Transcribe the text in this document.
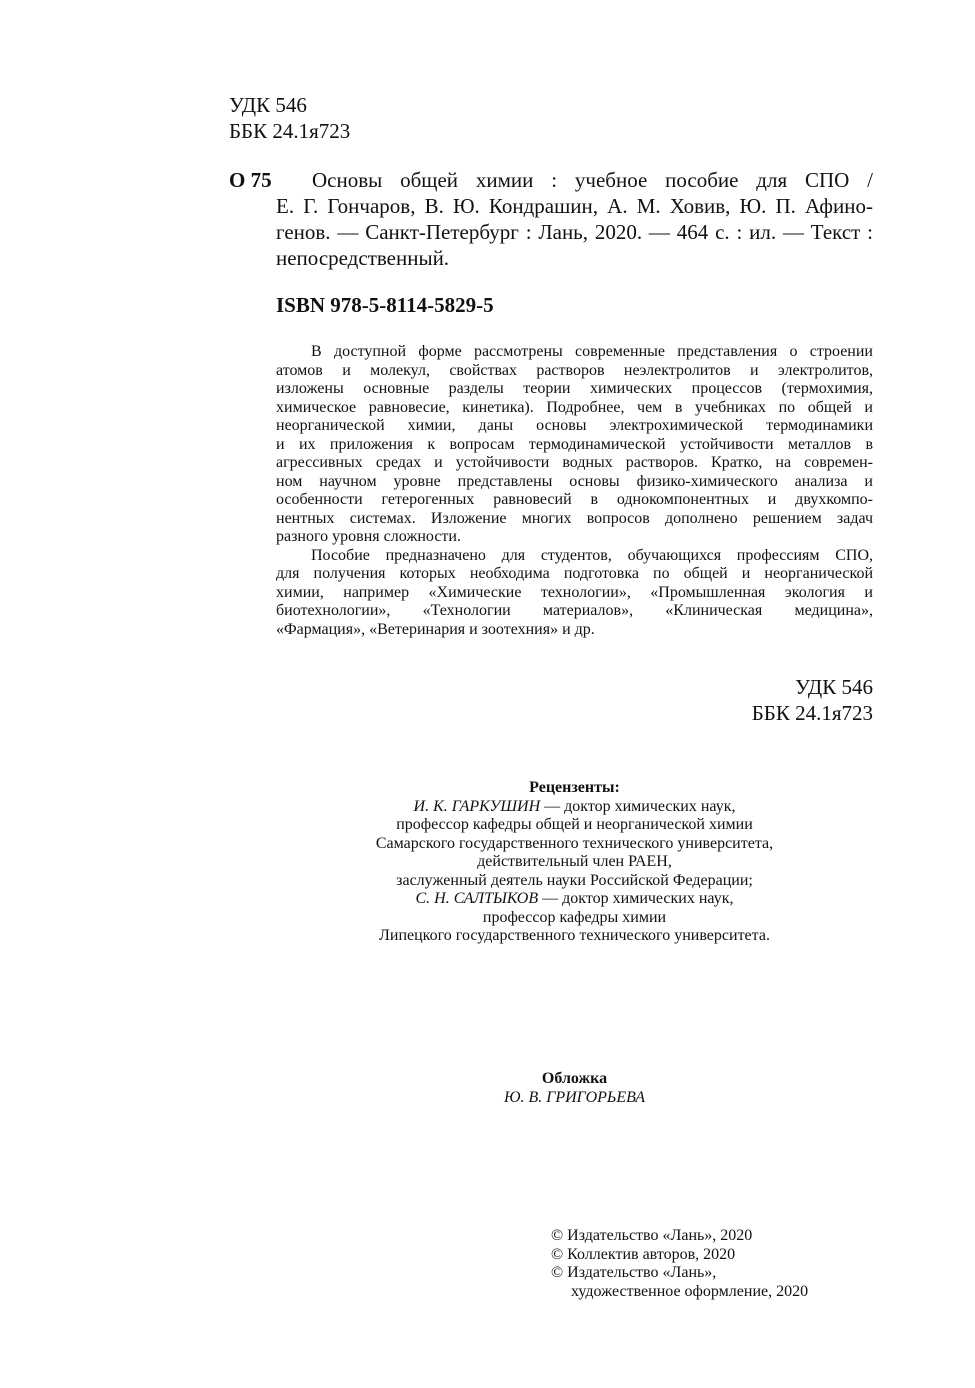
УДК 546
ББК 24.1я723
О 75	Основы общей химии : учебное пособие для СПО /
Е. Г. Гончаров, В. Ю. Кондрашин, А. М. Ховив, Ю. П. Афино-
генов. — Санкт-Петербург : Лань, 2020. — 464 с. : ил. — Текст :
непосредственный.
ISBN 978-5-8114-5829-5
В доступной форме рассмотрены современные представления о строении
атомов и молекул, свойствах растворов неэлектролитов и электролитов,
изложены основные разделы теории химических процессов (термохимия,
химическое равновесие, кинетика). Подробнее, чем в учебниках по общей и
неорганической химии, даны основы электрохимической термодинамики
и их приложения к вопросам термодинамической устойчивости металлов в
агрессивных средах и устойчивости водных растворов. Кратко, на современ-
ном научном уровне представлены основы физико-химического анализа и
особенности гетерогенных равновесий в однокомпонентных и двухкомпо-
нентных системах. Изложение многих вопросов дополнено решением задач
разного уровня сложности.
Пособие предназначено для студентов, обучающихся профессиям СПО,
для получения которых необходима подготовка по общей и неорганической
химии, например «Химические технологии», «Промышленная экология и
биотехнологии», «Технологии материалов», «Клиническая медицина»,
«Фармация», «Ветеринария и зоотехния» и др.
УДК 546
ББК 24.1я723
Рецензенты:
И. К. ГАРКУШИН — доктор химических наук,
профессор кафедры общей и неорганической химии
Самарского государственного технического университета,
действительный член РАЕН,
заслуженный деятель науки Российской Федерации;
С. Н. САЛТЫКОВ — доктор химических наук,
профессор кафедры химии
Липецкого государственного технического университета.
Обложка
Ю. В. ГРИГОРЬЕВА
© Издательство «Лань», 2020
© Коллектив авторов, 2020
© Издательство «Лань»,
художественное оформление, 2020
